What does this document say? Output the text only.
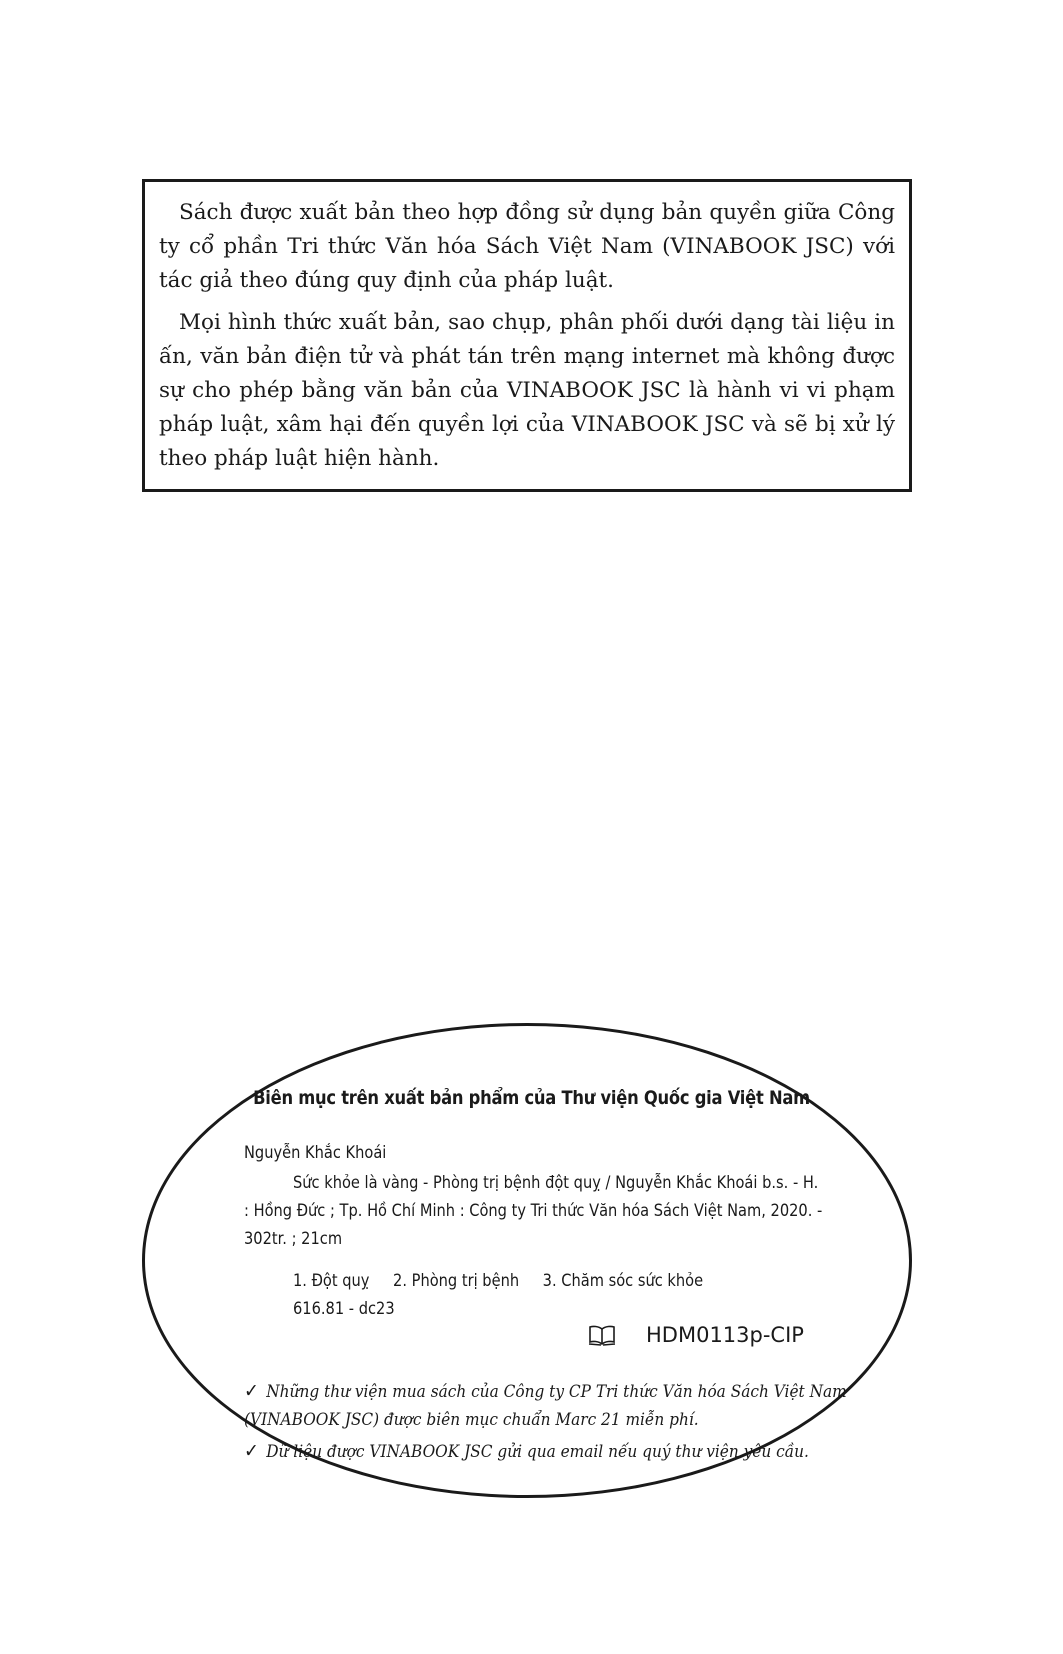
Sách được xuất bản theo hợp đồng sử dụng bản quyền giữa Công ty cổ phần Tri thức Văn hóa Sách Việt Nam (VINABOOK JSC) với tác giả theo đúng quy định của pháp luật.

Mọi hình thức xuất bản, sao chụp, phân phối dưới dạng tài liệu in ấn, văn bản điện tử và phát tán trên mạng internet mà không được sự cho phép bằng văn bản của VINABOOK JSC là hành vi vi phạm pháp luật, xâm hại đến quyền lợi của VINABOOK JSC và sẽ bị xử lý theo pháp luật hiện hành.

Biên mục trên xuất bản phẩm của Thư viện Quốc gia Việt Nam
Nguyễn Khắc Khoái
Sức khỏe là vàng - Phòng trị bệnh đột quỵ / Nguyễn Khắc Khoái b.s. - H.
: Hồng Đức ; Tp. Hồ Chí Minh : Công ty Tri thức Văn hóa Sách Việt Nam, 2020. -
302tr. ; 21cm
1. Đột quỵ 2. Phòng trị bệnh 3. Chăm sóc sức khỏe
616.81 - dc23
HDM0113p-CIP
✓ Những thư viện mua sách của Công ty CP Tri thức Văn hóa Sách Việt Nam
(VINABOOK JSC) được biên mục chuẩn Marc 21 miễn phí.
✓ Dữ liệu được VINABOOK JSC gửi qua email nếu quý thư viện yêu cầu.
